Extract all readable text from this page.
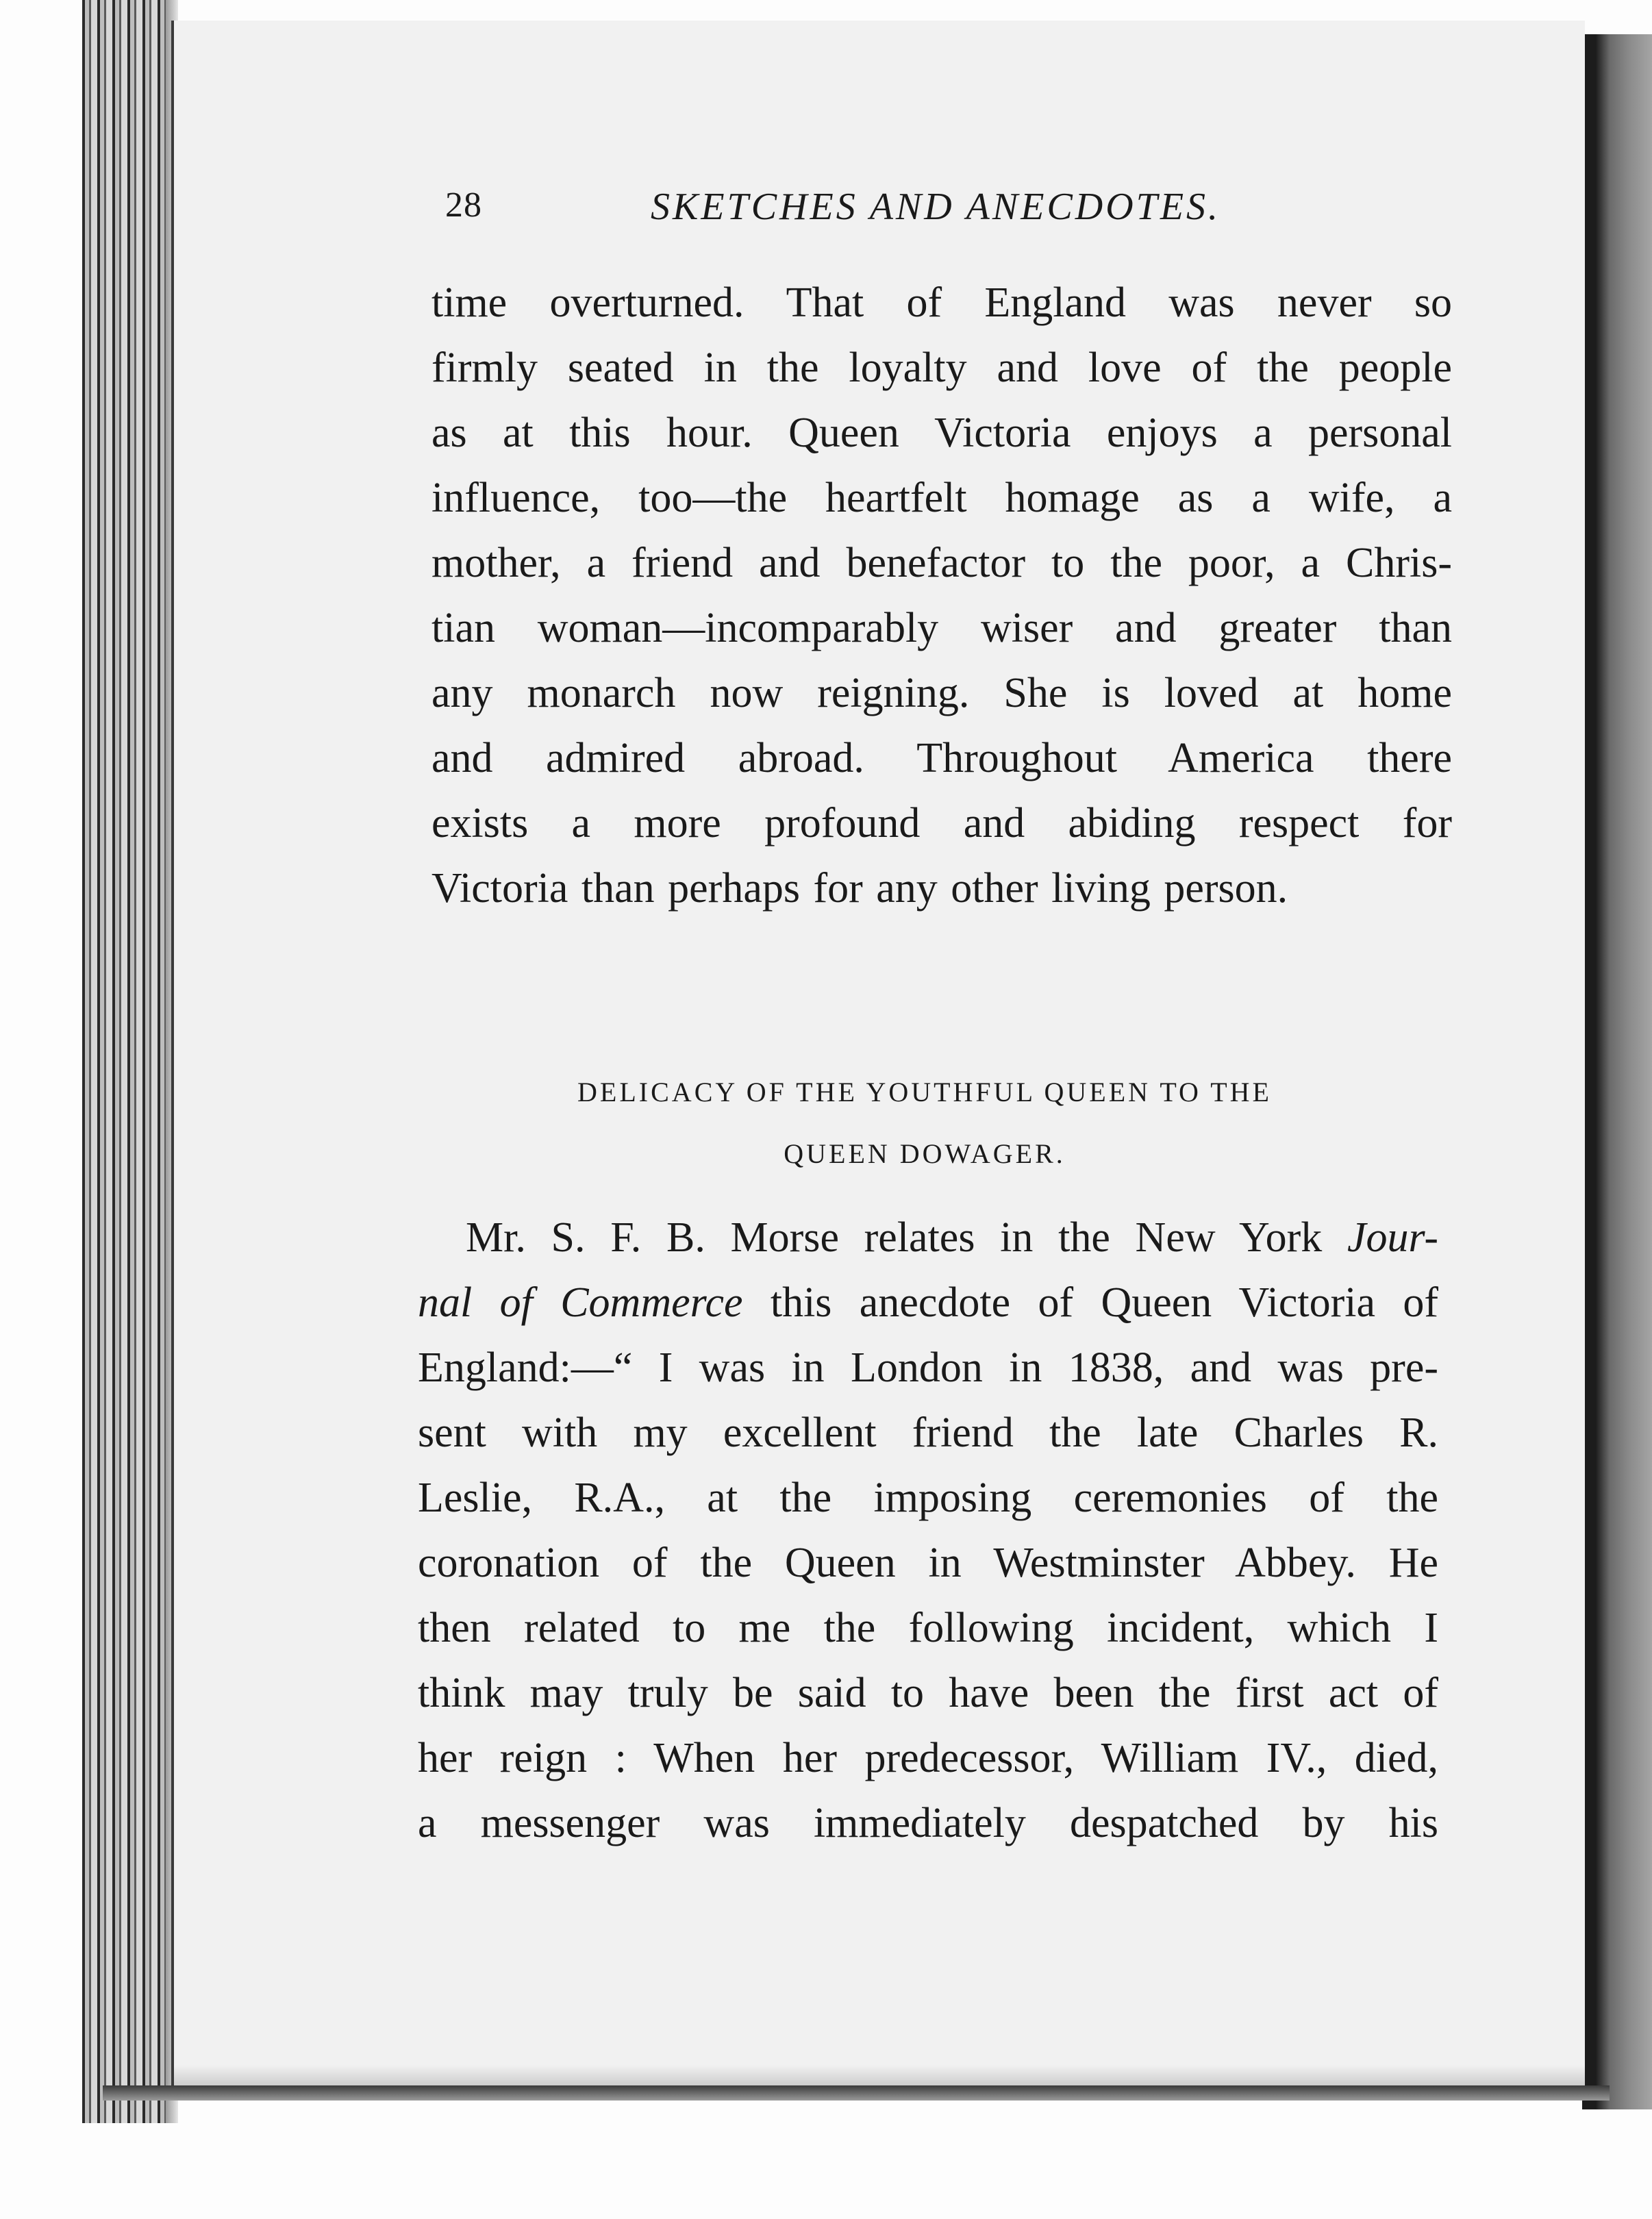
28	SKETCHES AND ANECDOTES.
time overturned. That of England was never so
firmly seated in the loyalty and love of the people
as at this hour. Queen Victoria enjoys a personal
influence, too—the heartfelt homage as a wife, a
mother, a friend and benefactor to the poor, a Chris-
tian woman—incomparably wiser and greater than
any monarch now reigning. She is loved at home
and admired abroad. Throughout America there
exists a more profound and abiding respect for
Victoria than perhaps for any other living person.
DELICACY OF THE YOUTHFUL QUEEN TO THE
QUEEN DOWAGER.
Mr. S. F. B. Morse relates in the New York Jour-
nal of Commerce this anecdote of Queen Victoria of
England:—“ I was in London in 1838, and was pre-
sent with my excellent friend the late Charles R.
Leslie, R.A., at the imposing ceremonies of the
coronation of the Queen in Westminster Abbey. He
then related to me the following incident, which I
think may truly be said to have been the first act of
her reign : When her predecessor, William IV., died,
a messenger was immediately despatched by his
